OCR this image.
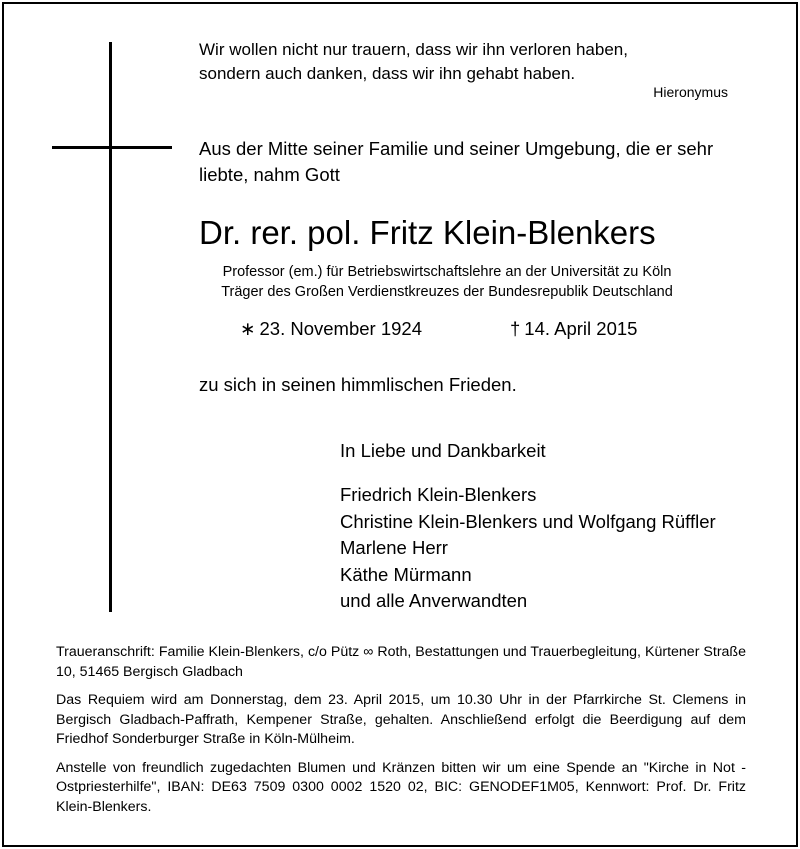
Wir wollen nicht nur trauern, dass wir ihn verloren haben,
sondern auch danken, dass wir ihn gehabt haben.
Hieronymus

Aus der Mitte seiner Familie und seiner Umgebung, die er sehr liebte, nahm Gott

Dr. rer. pol. Fritz Klein-Blenkers
Professor (em.) für Betriebswirtschaftslehre an der Universität zu Köln
Träger des Großen Verdienstkreuzes der Bundesrepublik Deutschland
∗ 23. November 1924	† 14. April 2015
zu sich in seinen himmlischen Frieden.
In Liebe und Dankbarkeit
Friedrich Klein-Blenkers
Christine Klein-Blenkers und Wolfgang Rüffler
Marlene Herr
Käthe Mürmann
und alle Anverwandten

Traueranschrift: Familie Klein-Blenkers, c/o Pütz ∞ Roth, Bestattungen und Trauerbegleitung, Kürtener Straße 10, 51465 Bergisch Gladbach

Das Requiem wird am Donnerstag, dem 23. April 2015, um 10.30 Uhr in der Pfarrkirche St. Clemens in Bergisch Gladbach-Paffrath, Kempener Straße, gehalten. Anschließend erfolgt die Beerdigung auf dem Friedhof Sonderburger Straße in Köln-Mülheim.

Anstelle von freundlich zugedachten Blumen und Kränzen bitten wir um eine Spende an "Kirche in Not - Ostpriesterhilfe", IBAN: DE63 7509 0300 0002 1520 02, BIC: GENODEF1M05, Kennwort: Prof. Dr. Fritz Klein-Blenkers.
